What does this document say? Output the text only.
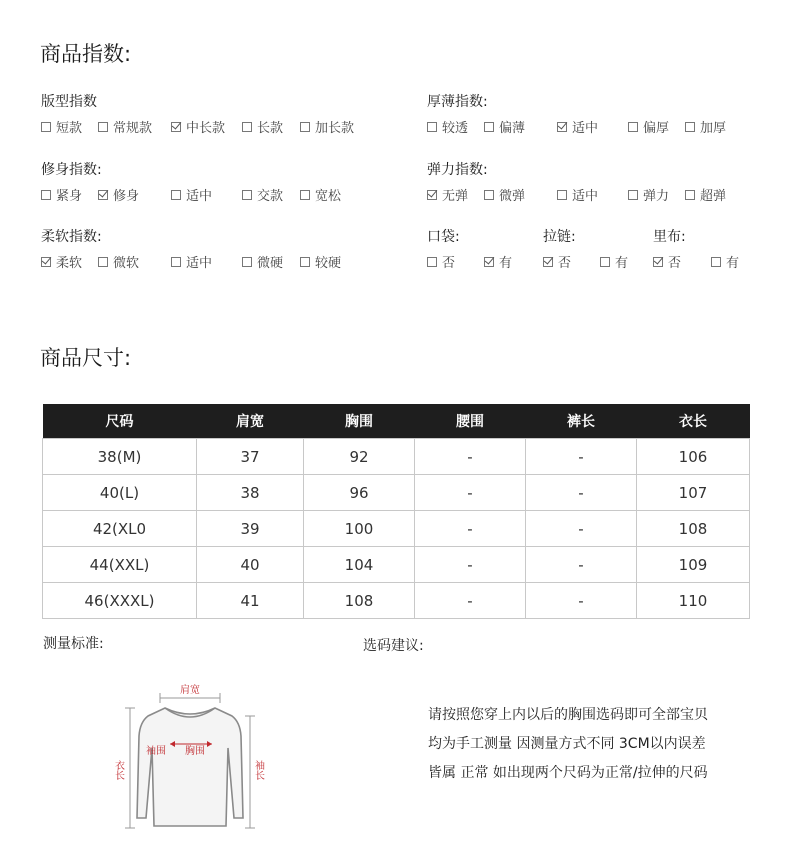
商品指数:
版型指数
短款 常规款	中长款 长款 加长款
厚薄指数:
较透 偏薄	适中	偏厚 加厚
修身指数:
紧身 修身	适中	交款 宽松
弹力指数:
无弹 微弹	适中	弹力 超弹
柔软指数:
柔软 微软	适中	微硬 较硬
口袋:
否	有
拉链:
否	有
里布:
否	有
商品尺寸:
尺码	肩宽	胸围	腰围	裤长	衣长
38(M)	37	92	-	-	106
40(L)	38	96	-	-	107
42(XL0	39	100	-	-	108
44(XXL)	40	104	-	-	109
46(XXXL)	41	108	-	-	110
测量标准:
肩宽
胸围
袖围
衣长	袖长
选码建议:
请按照您穿上内以后的胸围选码即可全部宝贝
均为手工测量 因测量方式不同 3CM以内误差
皆属 正常 如出现两个尺码为正常/拉伸的尺码
